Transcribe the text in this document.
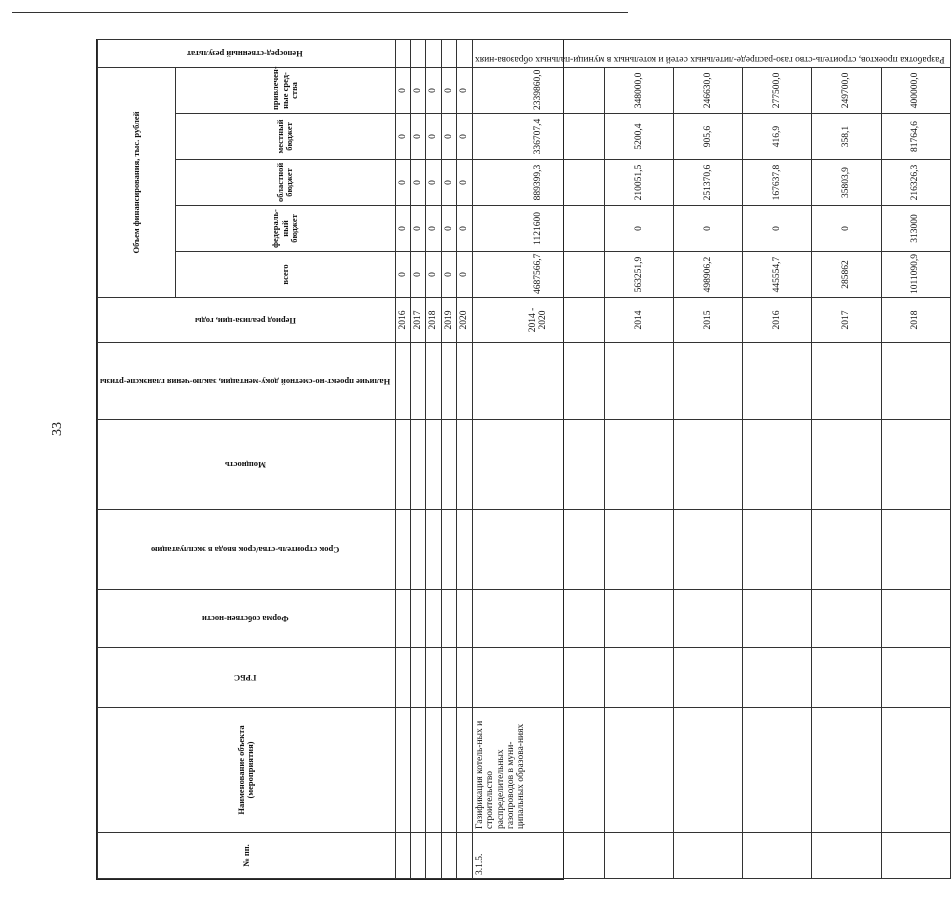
33
№ пп.	Наименование объекта (мероприятия)	ГРБС	Форма собствен-ности	Срок строитель-ства/срок ввода в эксплуатацию	Мощность	Наличие проект-но-сметной доку-ментации, заклю-чения гланэкспе-ртизы	Период реализа-ции, годы	Объем финансирования, тыс. рублей					Непосред-ственный результат
								всего	федераль-ный бюджет	областной бюджет	местный бюджет	привлечен-ные сред-ства	
							2016	0	0	0	0	0	
							2017	0	0	0	0	0	
							2018	0	0	0	0	0	
							2019	0	0	0	0	0	
							2020	0	0	0	0	0	
3.1.5.	Газификация котель-ных и строительство распределительных газопроводов в муни-ципальных образова-ниях						2014 - 2020	4687566,7	1121600	889399,3	336707,4	2339860,0	Разработка проектов, строитель-ство газо-распреде-лительных сетей и котельных в муници-пальных образова-ниях
							2014	563251,9	0	210051,5	5200,4	348000,0	
							2015	498906,2	0	251370,6	905,6	246630,0	
							2016	445554,7	0	167637,8	416,9	277500,0	
							2017	285862	0	35803,9	358,1	249700,0	
							2018	1011090,9	313000	216326,3	81764,6	400000,0	
